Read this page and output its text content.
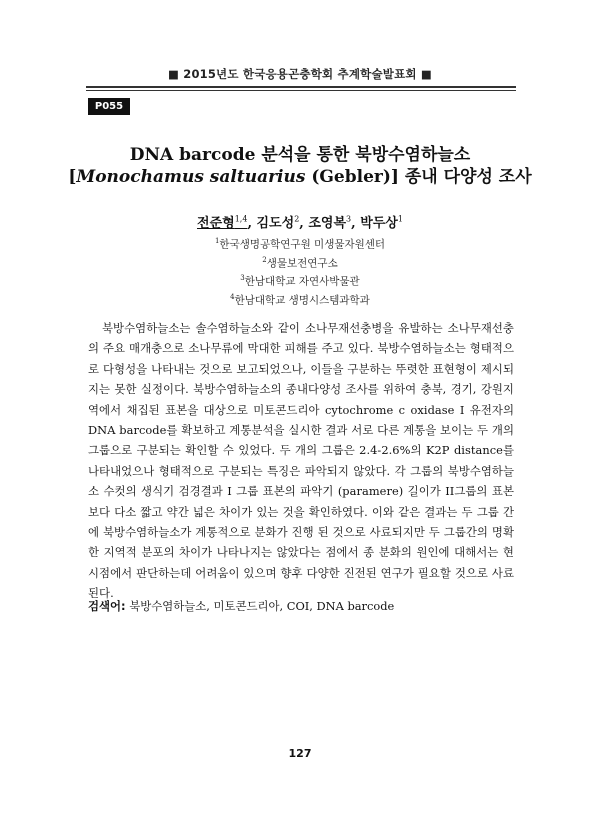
■ 2015년도 한국응용곤충학회 추계학술발표회 ■
P055
DNA barcode 분석을 통한 북방수염하늘소
[Monochamus saltuarius (Gebler)] 종내 다양성 조사
전준형$^{1,4}$, 김도성$^2$, 조영복$^3$, 박두상$^1$
$^1$한국생명공학연구원 미생물자원센터
$^2$생물보전연구소
$^3$한남대학교 자연사박물관
$^4$한남대학교 생명시스템과학과
북방수염하늘소는 솔수염하늘소와 같이 소나무재선충병을 유발하는 소나무재선충의 주요 매개충으로 소나무류에 막대한 피해를 주고 있다. 북방수염하늘소는 형태적으로 다형성을 나타내는 것으로 보고되었으나, 이들을 구분하는 뚜렷한 표현형이 제시되지는 못한 실정이다. 북방수염하늘소의 종내다양성 조사를 위하여 충북, 경기, 강원지역에서 채집된 표본을 대상으로 미토콘드리아 cytochrome c oxidase I 유전자의 DNA barcode를 확보하고 계통분석을 실시한 결과 서로 다른 계통을 보이는 두 개의 그룹으로 구분되는 확인할 수 있었다. 두 개의 그룹은 2.4-2.6%의 K2P distance를 나타내었으나 형태적으로 구분되는 특징은 파악되지 않았다. 각 그룹의 북방수염하늘소 수컷의 생식기 검경결과 I 그룹 표본의 파악기 (paramere) 길이가 II그룹의 표본보다 다소 짧고 약간 넓은 차이가 있는 것을 확인하였다. 이와 같은 결과는 두 그룹 간에 북방수염하늘소가 계통적으로 분화가 진행 된 것으로 사료되지만 두 그룹간의 명확한 지역적 분포의 차이가 나타나지는 않았다는 점에서 종 분화의 원인에 대해서는 현 시점에서 판단하는데 어려움이 있으며 향후 다양한 진전된 연구가 필요할 것으로 사료된다.
검색어: 북방수염하늘소, 미토콘드리아, COI, DNA barcode
127
